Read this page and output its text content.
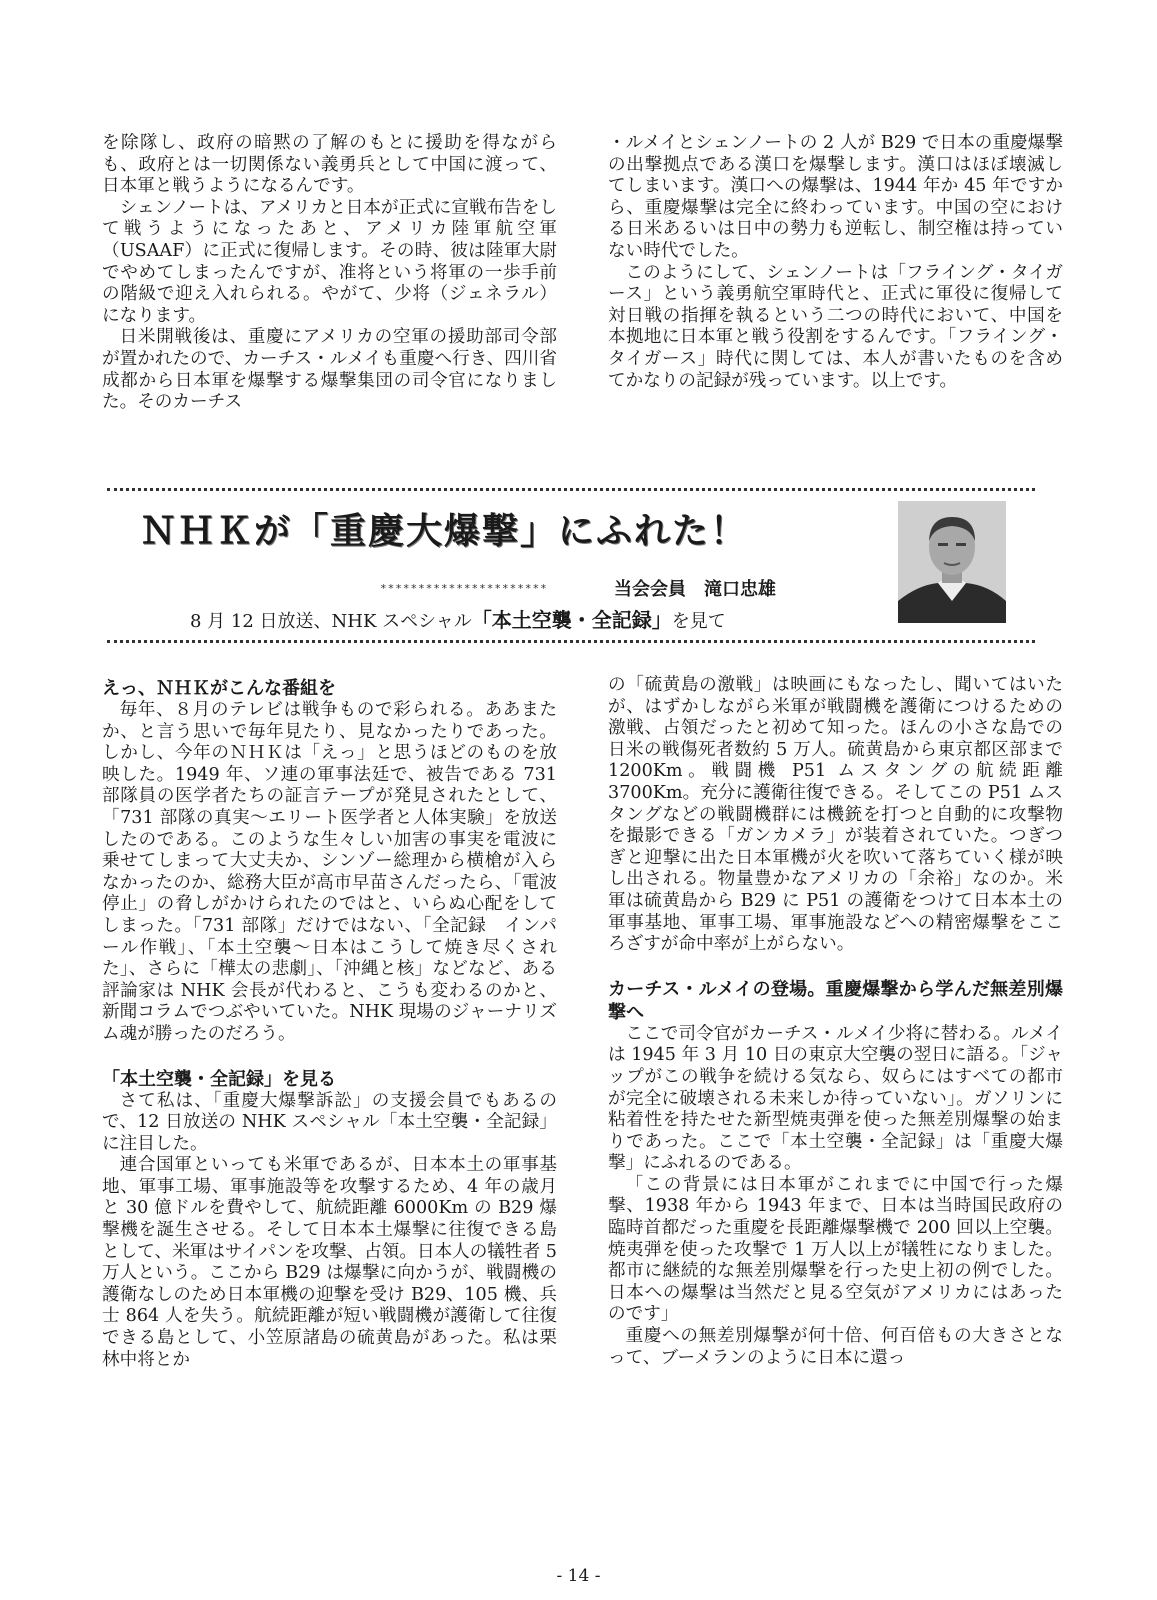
を除隊し、政府の暗黙の了解のもとに援助を得ながらも、政府とは一切関係ない義勇兵として中国に渡って、日本軍と戦うようになるんです。

シェンノートは、アメリカと日本が正式に宣戦布告をして戦うようになったあと、アメリカ陸軍航空軍（USAAF）に正式に復帰します。その時、彼は陸軍大尉でやめてしまったんですが、准将という将軍の一歩手前の階級で迎え入れられる。やがて、少将（ジェネラル）になります。

日米開戦後は、重慶にアメリカの空軍の援助部司令部が置かれたので、カーチス・ルメイも重慶へ行き、四川省成都から日本軍を爆撃する爆撃集団の司令官になりました。そのカーチス

・ルメイとシェンノートの 2 人が B29 で日本の重慶爆撃の出撃拠点である漢口を爆撃します。漢口はほぼ壊滅してしまいます。漢口への爆撃は、1944 年か 45 年ですから、重慶爆撃は完全に終わっています。中国の空における日米あるいは日中の勢力も逆転し、制空権は持っていない時代でした。

このようにして、シェンノートは「フライング・タイガース」という義勇航空軍時代と、正式に軍役に復帰して対日戦の指揮を執るという二つの時代において、中国を本拠地に日本軍と戦う役割をするんです。「フライング・タイガース」時代に関しては、本人が書いたものを含めてかなりの記録が残っています。以上です。

ＮＨＫが「重慶大爆撃」にふれた！
**********************	当会会員　滝口忠雄
8 月 12 日放送、NHK スペシャル「本土空襲・全記録」を見て
えっ、ＮＨＫがこんな番組を

毎年、８月のテレビは戦争もので彩られる。ああまたか、と言う思いで毎年見たり、見なかったりであった。しかし、今年のＮＨＫは「えっ」と思うほどのものを放映した。1949 年、ソ連の軍事法廷で、被告である 731 部隊員の医学者たちの証言テープが発見されたとして、「731 部隊の真実〜エリート医学者と人体実験」を放送したのである。このような生々しい加害の事実を電波に乗せてしまって大丈夫か、シンゾー総理から横槍が入らなかったのか、総務大臣が高市早苗さんだったら、「電波停止」の脅しがかけられたのではと、いらぬ心配をしてしまった。「731 部隊」だけではない、「全記録　インパール作戦」、「本土空襲〜日本はこうして焼き尽くされた」、さらに「樺太の悲劇」、「沖縄と核」などなど、ある評論家は NHK 会長が代わると、こうも変わるのかと、新聞コラムでつぶやいていた。NHK 現場のジャーナリズム魂が勝ったのだろう。

「本土空襲・全記録」を見る

さて私は、「重慶大爆撃訴訟」の支援会員でもあるので、12 日放送の NHK スペシャル「本土空襲・全記録」に注目した。

連合国軍といっても米軍であるが、日本本土の軍事基地、軍事工場、軍事施設等を攻撃するため、4 年の歳月と 30 億ドルを費やして、航続距離 6000Km の B29 爆撃機を誕生させる。そして日本本土爆撃に往復できる島として、米軍はサイパンを攻撃、占領。日本人の犠牲者 5 万人という。ここから B29 は爆撃に向かうが、戦闘機の護衛なしのため日本軍機の迎撃を受け B29、105 機、兵士 864 人を失う。航続距離が短い戦闘機が護衛して往復できる島として、小笠原諸島の硫黄島があった。私は栗林中将とか

の「硫黄島の激戦」は映画にもなったし、聞いてはいたが、はずかしながら米軍が戦闘機を護衛につけるための激戦、占領だったと初めて知った。ほんの小さな島での日米の戦傷死者数約 5 万人。硫黄島から東京都区部まで 1200Km。戦闘機 P51 ムスタングの航続距離 3700Km。充分に護衛往復できる。そしてこの P51 ムスタングなどの戦闘機群には機銃を打つと自動的に攻撃物を撮影できる「ガンカメラ」が装着されていた。つぎつぎと迎撃に出た日本軍機が火を吹いて落ちていく様が映し出される。物量豊かなアメリカの「余裕」なのか。米軍は硫黄島から B29 に P51 の護衛をつけて日本本土の軍事基地、軍事工場、軍事施設などへの精密爆撃をこころざすが命中率が上がらない。

カーチス・ルメイの登場。重慶爆撃から学んだ無差別爆撃へ

ここで司令官がカーチス・ルメイ少将に替わる。ルメイは 1945 年 3 月 10 日の東京大空襲の翌日に語る。「ジャップがこの戦争を続ける気なら、奴らにはすべての都市が完全に破壊される未来しか待っていない」。ガソリンに粘着性を持たせた新型焼夷弾を使った無差別爆撃の始まりであった。ここで「本土空襲・全記録」は「重慶大爆撃」にふれるのである。

「この背景には日本軍がこれまでに中国で行った爆撃、1938 年から 1943 年まで、日本は当時国民政府の臨時首都だった重慶を長距離爆撃機で 200 回以上空襲。焼夷弾を使った攻撃で 1 万人以上が犠牲になりました。都市に継続的な無差別爆撃を行った史上初の例でした。日本への爆撃は当然だと見る空気がアメリカにはあったのです」

重慶への無差別爆撃が何十倍、何百倍もの大きさとなって、ブーメランのように日本に還っ

- 14 -
